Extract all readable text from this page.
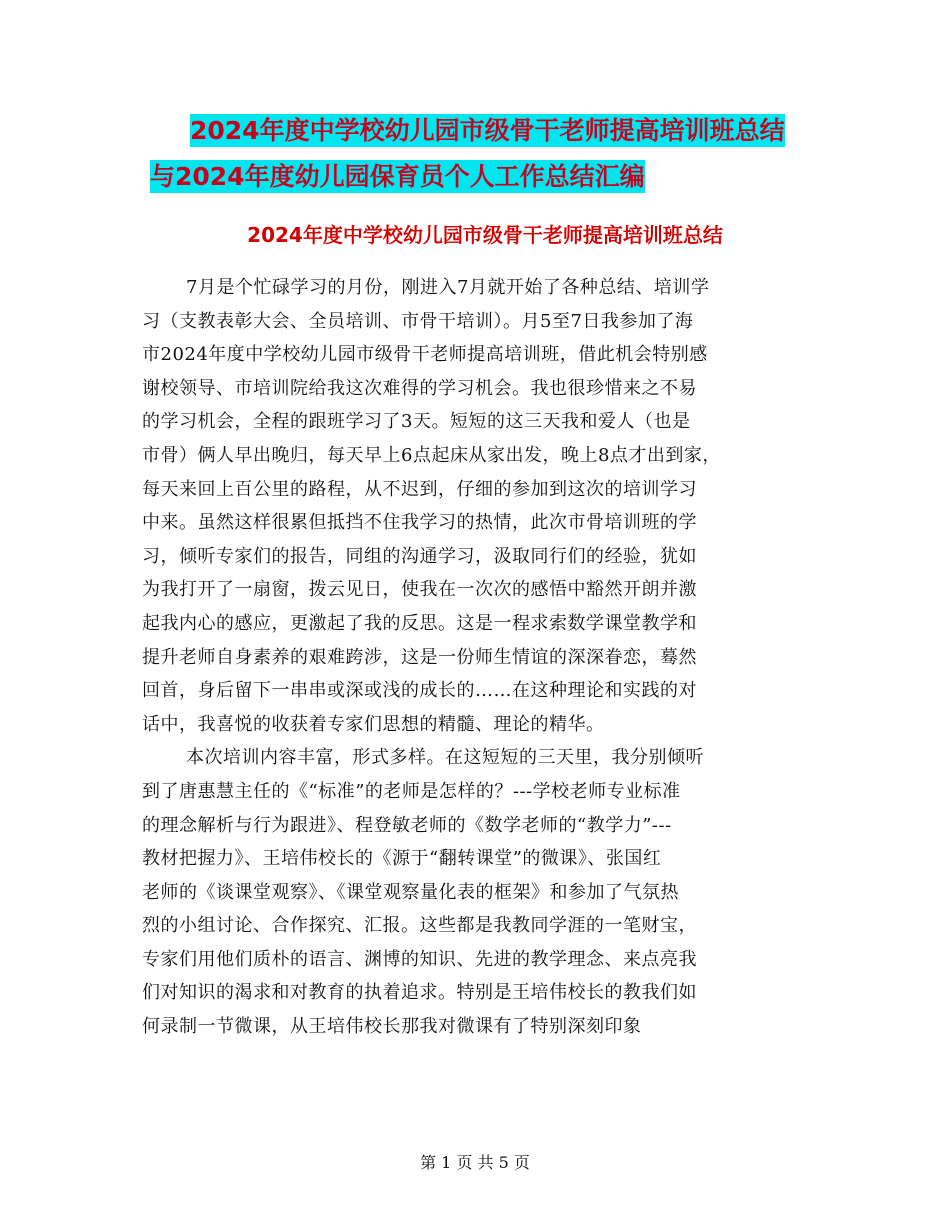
2024年度中学校幼儿园市级骨干老师提高培训班总结
与2024年度幼儿园保育员个人工作总结汇编
2024年度中学校幼儿园市级骨干老师提高培训班总结
7月是个忙碌学习的月份，刚进入7月就开始了各种总结、培训学
习（支教表彰大会、全员培训、市骨干培训）。月5至7日我参加了海
市2024年度中学校幼儿园市级骨干老师提高培训班，借此机会特别感
谢校领导、市培训院给我这次难得的学习机会。我也很珍惜来之不易
的学习机会，全程的跟班学习了3天。短短的这三天我和爱人（也是
市骨）俩人早出晚归，每天早上6点起床从家出发，晚上8点才出到家，
每天来回上百公里的路程，从不迟到，仔细的参加到这次的培训学习
中来。虽然这样很累但抵挡不住我学习的热情，此次市骨培训班的学
习，倾听专家们的报告，同组的沟通学习，汲取同行们的经验，犹如
为我打开了一扇窗，拨云见日，使我在一次次的感悟中豁然开朗并激
起我内心的感应，更激起了我的反思。这是一程求索数学课堂教学和
提升老师自身素养的艰难跨涉，这是一份师生情谊的深深眷恋，蓦然
回首，身后留下一串串或深或浅的成长的……在这种理论和实践的对
话中，我喜悦的收获着专家们思想的精髓、理论的精华。
本次培训内容丰富，形式多样。在这短短的三天里，我分别倾听
到了唐惠慧主任的《“标准”的老师是怎样的？---学校老师专业标准
的理念解析与行为跟进》、程登敏老师的《数学老师的“教学力”---
教材把握力》、王培伟校长的《源于“翻转课堂”的微课》、张国红
老师的《谈课堂观察》、《课堂观察量化表的框架》和参加了气氛热
烈的小组讨论、合作探究、汇报。这些都是我教同学涯的一笔财宝，
专家们用他们质朴的语言、渊博的知识、先进的教学理念、来点亮我
们对知识的渴求和对教育的执着追求。特别是王培伟校长的教我们如
何录制一节微课，从王培伟校长那我对微课有了特别深刻印象
第 1 页 共 5 页
